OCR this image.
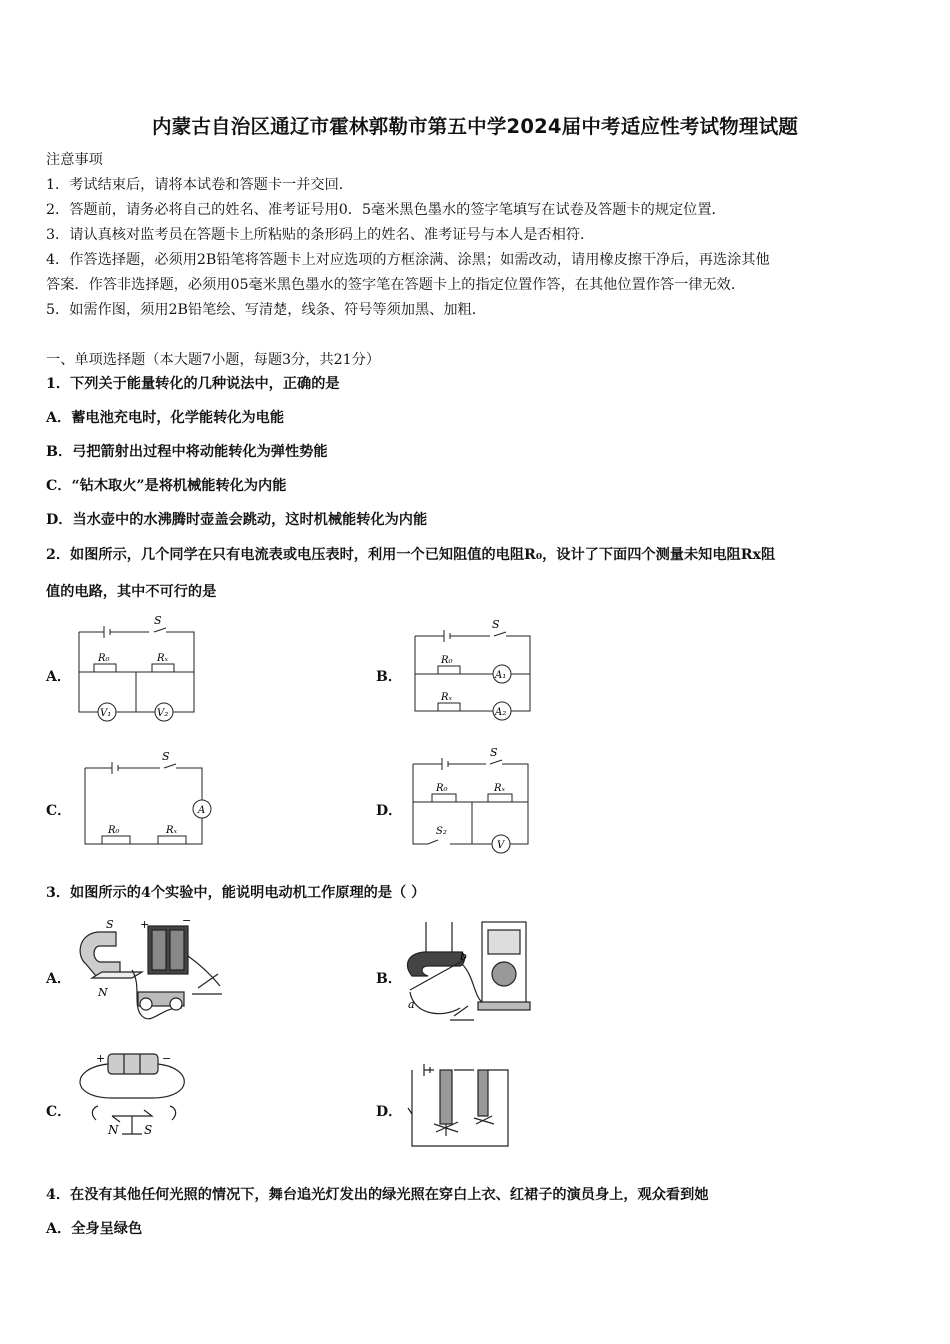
内蒙古自治区通辽市霍林郭勒市第五中学2024届中考适应性考试物理试题
注意事项
1．考试结束后，请将本试卷和答题卡一并交回．
2．答题前，请务必将自己的姓名、准考证号用0．5毫米黑色墨水的签字笔填写在试卷及答题卡的规定位置．
3．请认真核对监考员在答题卡上所粘贴的条形码上的姓名、准考证号与本人是否相符．
4．作答选择题，必须用2B铅笔将答题卡上对应选项的方框涂满、涂黑；如需改动，请用橡皮擦干净后，再选涂其他
答案．作答非选择题，必须用05毫米黑色墨水的签字笔在答题卡上的指定位置作答，在其他位置作答一律无效．
5．如需作图，须用2B铅笔绘、写清楚，线条、符号等须加黑、加粗．
一、单项选择题（本大题7小题，每题3分，共21分）
1．下列关于能量转化的几种说法中，正确的是
A．蓄电池充电时，化学能转化为电能
B．弓把箭射出过程中将动能转化为弹性势能
C．“钻木取火”是将机械能转化为内能
D．当水壶中的水沸腾时壶盖会跳动，这时机械能转化为内能
2．如图所示，几个同学在只有电流表或电压表时，利用一个已知阻值的电阻R₀，设计了下面四个测量未知电阻Rx阻
值的电路，其中不可行的是
A．	B．
C．	D．
S
R₀	Rₓ
V₁	V₂
S
R₀
Rₓ
A₁
A₂
S
R₀	Rₓ
A
S
R₀	Rₓ
S₂
V
3．如图所示的4个实验中，能说明电动机工作原理的是（ ）
A．	B．
C．	D．
S
N
+	−
b
a
+	−
N S
4．在没有其他任何光照的情况下，舞台追光灯发出的绿光照在穿白上衣、红裙子的演员身上，观众看到她
A．全身呈绿色
